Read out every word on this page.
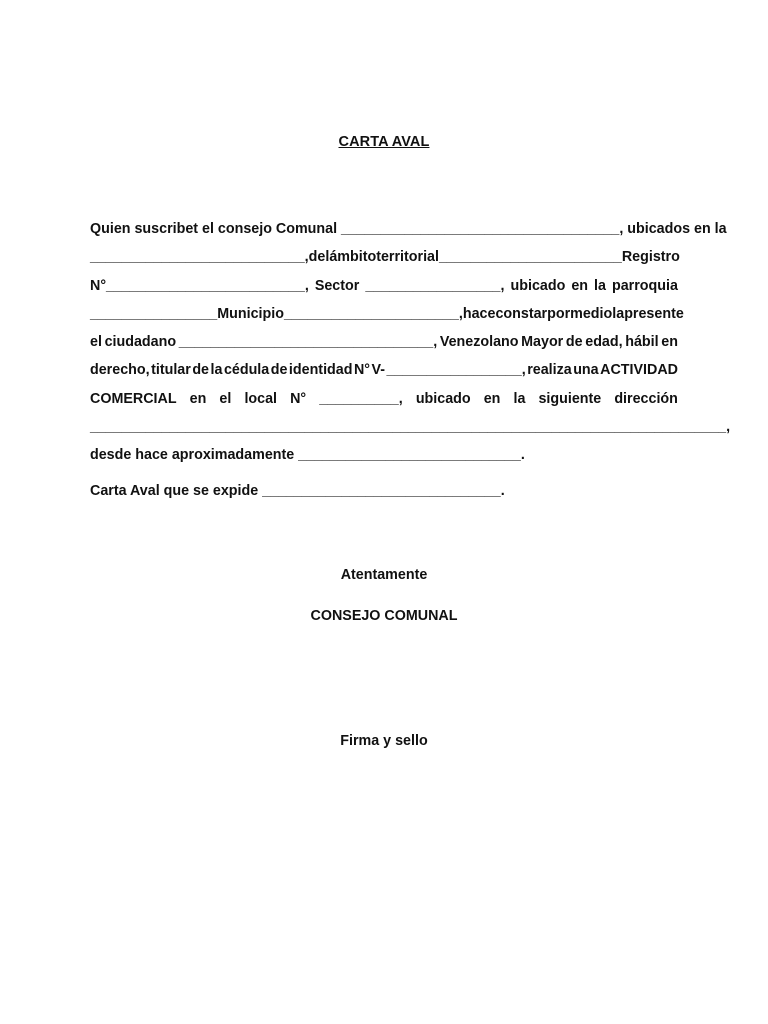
CARTA AVAL
Quien suscribet el consejo Comunal ___________________________________, ubicados en la
___________________________, del ámbito territorial _______________________ Registro
N°_________________________, Sector _________________, ubicado en la parroquia
________________ Municipio ______________________, hace constar por medio la presente
el ciudadano ________________________________, Venezolano Mayor de edad, hábil en
derecho, titular de la cédula de identidad N° V- _________________, realiza una ACTIVIDAD
COMERCIAL en el local N° __________, ubicado en la siguiente dirección
________________________________________________________________________________,
desde hace aproximadamente ____________________________.
Carta Aval que se expide ______________________________.
Atentamente
CONSEJO COMUNAL
Firma y sello
